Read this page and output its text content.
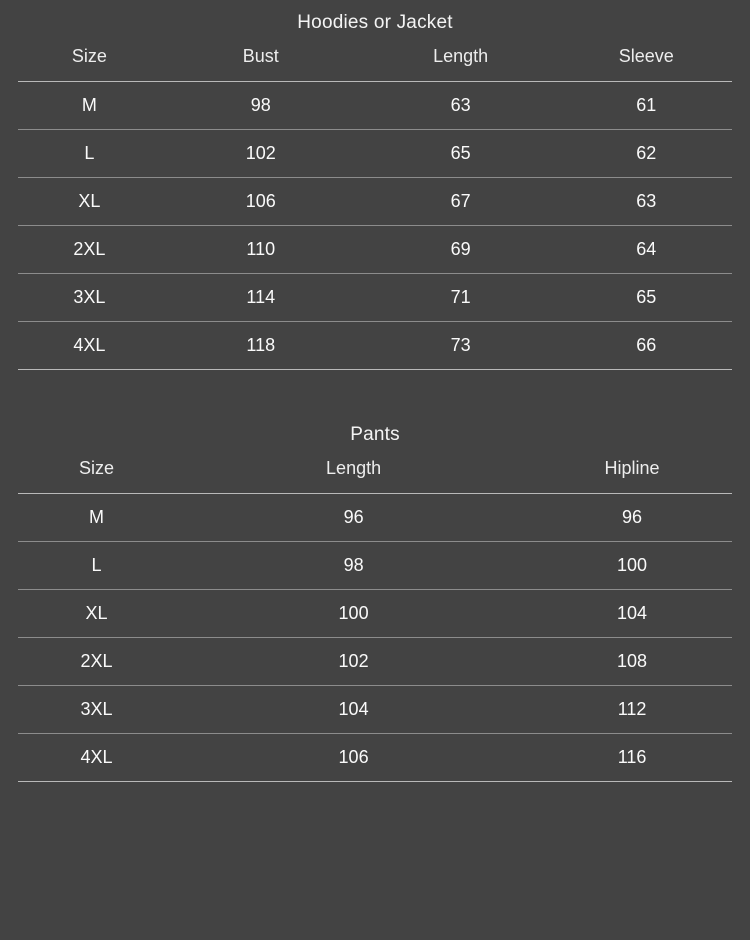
Hoodies or Jacket
Size	Bust	Length	Sleeve
M	98	63	61
L	102	65	62
XL	106	67	63
2XL	110	69	64
3XL	114	71	65
4XL	118	73	66
Pants
Size	Length	Hipline
M	96	96
L	98	100
XL	100	104
2XL	102	108
3XL	104	112
4XL	106	116
